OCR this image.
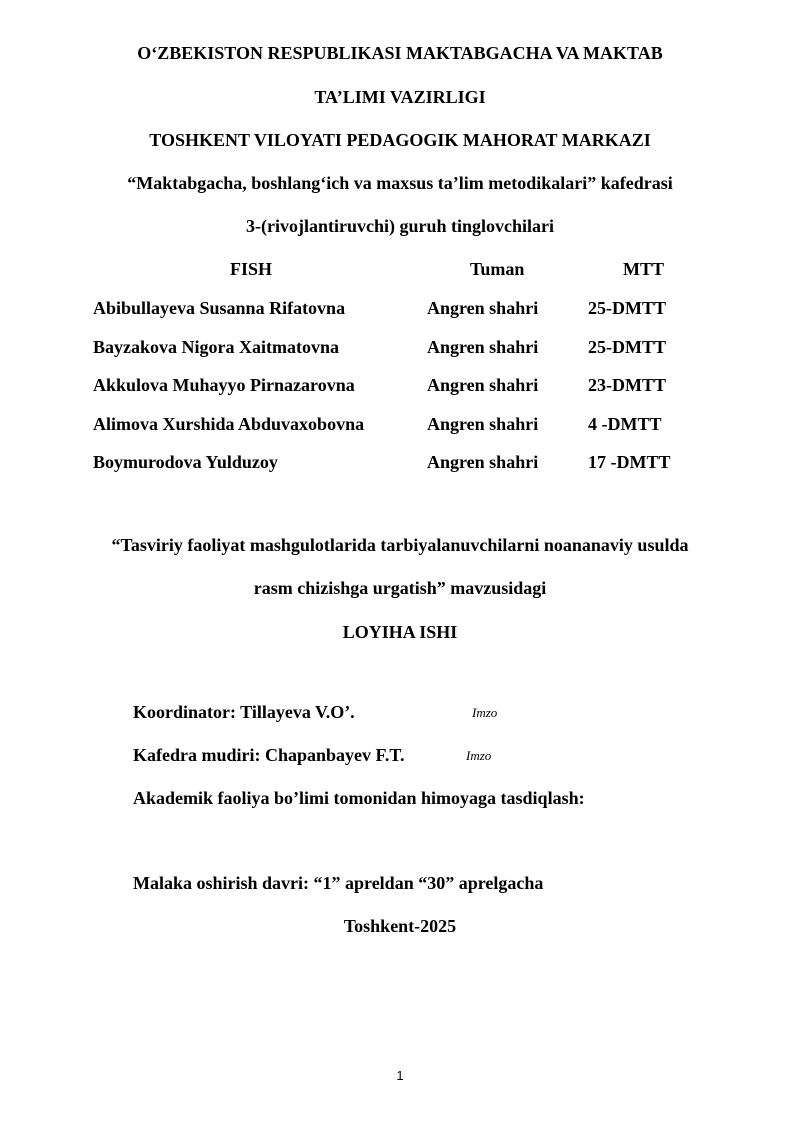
O‘ZBEKISTON RESPUBLIKASI MAKTABGACHA VA MAKTAB
TA’LIMI VAZIRLIGI
TOSHKENT VILOYATI PEDAGOGIK MAHORAT MARKAZI
“Maktabgacha, boshlang‘ich va maxsus ta’lim metodikalari” kafedrasi
3-(rivojlantiruvchi) guruh tinglovchilari
FISH	Tuman	MTT
Abibullayeva Susanna Rifatovna	Angren shahri	25-DMTT
Bayzakova Nigora Xaitmatovna	Angren shahri	25-DMTT
Akkulova Muhayyo Pirnazarovna	Angren shahri	23-DMTT
Alimova Xurshida Abduvaxobovna	Angren shahri	4 -DMTT
Boymurodova Yulduzoy	Angren shahri	17 -DMTT
“Tasviriy faoliyat mashgulotlarida tarbiyalanuvchilarni noananaviy usulda
rasm chizishga urgatish” mavzusidagi
LOYIHA ISHI
Koordinator: Tillayeva V.O’.	Imzo
Kafedra mudiri: Chapanbayev F.T.	Imzo
Akademik faoliya bo’limi tomonidan himoyaga tasdiqlash:
Malaka oshirish davri: “1” apreldan “30” aprelgacha
Toshkent-2025
1
